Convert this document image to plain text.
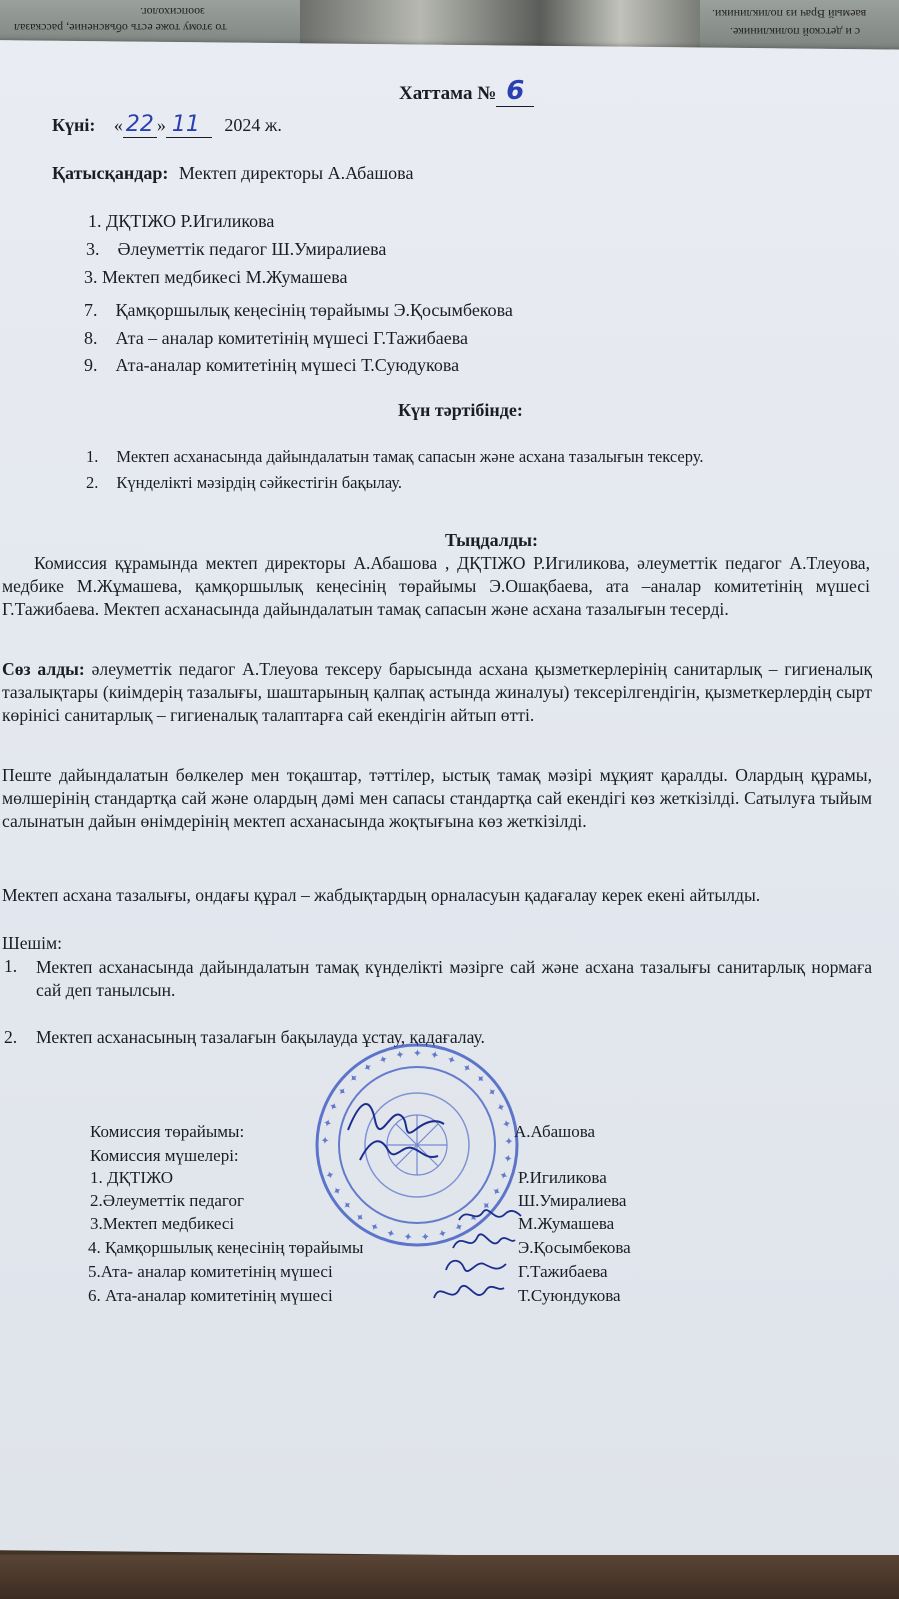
то этому тоже есть объяснение, рассказал
зоопсихолог.	ваемый Врач из поликлиники.
с и детской поликлинике.
Хаттама № 6
Күні: « 22 » 11 2024 ж.
Қатысқандар: Мектеп директоры А.Абашова
1. ДҚТІЖО Р.Игиликова
3. Әлеуметтік педагог Ш.Умиралиева
3. Мектеп медбикесі М.Жумашева
7. Қамқоршылық кеңесінің төрайымы Э.Қосымбекова
8. Ата – аналар комитетінің мүшесі Г.Тажибаева
9. Ата-аналар комитетінің мүшесі Т.Суюдукова
Күн тәртібінде:
1. Мектеп асханасында дайындалатын тамақ сапасын және асхана тазалығын тексеру.
2. Күнделікті мәзірдің сәйкестігін бақылау.
Тыңдалды:
Комиссия құрамында мектеп директоры А.Абашова , ДҚТІЖО Р.Игиликова, әлеуметтік педагог А.Тлеуова, медбике М.Жұмашева, қамқоршылық кеңесінің төрайымы Э.Ошақбаева, ата –аналар комитетінің мүшесі Г.Тажибаева. Мектеп асханасында дайындалатын тамақ сапасын және асхана тазалығын тесерді.
Сөз алды: әлеуметтік педагог А.Тлеуова тексеру барысында асхана қызметкерлерінің санитарлық – гигиеналық тазалықтары (киімдерің тазалығы, шаштарының қалпақ астында жиналуы) тексерілгендігін, қызметкерлердің сырт көрінісі санитарлық – гигиеналық талаптарға сай екендігін айтып өтті.
Пеште дайындалатын бөлкелер мен тоқаштар, тәттілер, ыстық тамақ мәзірі мұқият қаралды. Олардың құрамы, мөлшерінің стандартқа сай және олардың дәмі мен сапасы стандартқа сай екендігі көз жеткізілді. Сатылуға тыйым салынатын дайын өнімдерінің мектеп асханасында жоқтығына көз жеткізілді.
Мектеп асхана тазалығы, ондағы құрал – жабдықтардың орналасуын қадағалау керек екені айтылды.
Шешім:
1. Мектеп асханасында дайындалатын тамақ күнделікті мәзірге сай және асхана тазалығы санитарлық нормаға сай деп танылсын.
2. Мектеп асханасының тазалағын бақылауда ұстау, қадағалау.
✦ ✦ ✦ ✦ ✦ ✦ ✦ ✦ ✦ ✦ ✦ ✦ ✦ ✦ ✦ ✦ ✦ ✦ ✦ ✦ ✦ ✦ ✦ ✦ ✦ ✦ ✦ ✦ ✦ ✦ ✦ ✦
Комиссия төрайымы:	А.Абашова
Комиссия мүшелері:
1. ДҚТІЖО	Р.Игиликова
2.Әлеуметтік педагог	Ш.Умиралиева
3.Мектеп медбикесі	М.Жумашева
4. Қамқоршылық кеңесінің төрайымы	Э.Қосымбекова
5.Ата- аналар комитетінің мүшесі	Г.Тажибаева
6. Ата-аналар комитетінің мүшесі	Т.Суюндукова
